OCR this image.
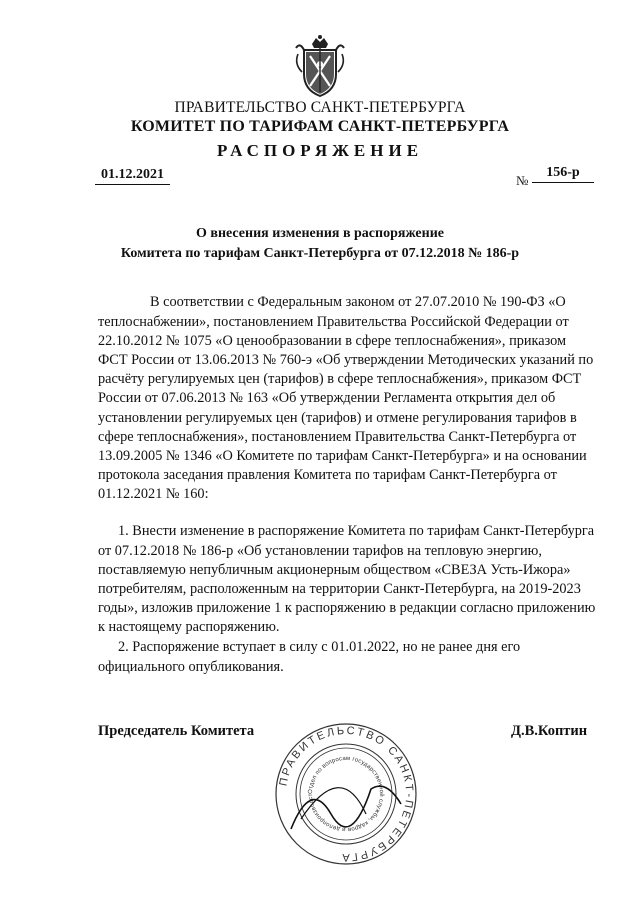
ПРАВИТЕЛЬСТВО САНКТ-ПЕТЕРБУРГА
КОМИТЕТ ПО ТАРИФАМ САНКТ-ПЕТЕРБУРГА
РАСПОРЯЖЕНИЕ
01.12.2021	№
156-р
О внесения изменения в распоряжение
Комитета по тарифам Санкт-Петербурга от 07.12.2018 № 186-р

В соответствии с Федеральным законом от 27.07.2010 № 190-ФЗ «О теплоснабжении», постановлением Правительства Российской Федерации от 22.10.2012 № 1075 «О ценообразовании в сфере теплоснабжения», приказом ФСТ России от 13.06.2013 № 760-э «Об утверждении Методических указаний по расчёту регулируемых цен (тарифов) в сфере теплоснабжения», приказом ФСТ России от 07.06.2013 № 163 «Об утверждении Регламента открытия дел об установлении регулируемых цен (тарифов) и отмене регулирования тарифов в сфере теплоснабжения», постановлением Правительства Санкт-Петербурга от 13.09.2005 № 1346 «О Комитете по тарифам Санкт-Петербурга» и на основании протокола заседания правления Комитета по тарифам Санкт-Петербурга от 01.12.2021 № 160:

1. Внести изменение в распоряжение Комитета по тарифам Санкт-Петербурга от 07.12.2018 № 186-р «Об установлении тарифов на тепловую энергию, поставляемую непубличным акционерным обществом «СВЕЗА Усть-Ижора» потребителям, расположенным на территории Санкт-Петербурга, на 2019-2023 годы», изложив приложение 1 к распоряжению в редакции согласно приложению к настоящему распоряжению.

2. Распоряжение вступает в силу с 01.01.2022, но не ранее дня его официального опубликования.

Председатель Комитета
ПРАВИТЕЛЬСТВО САНКТ-ПЕТЕРБУРГА
Отдел по вопросам государственной службы, кадров и делопроизводст
Д.В.Коптин
